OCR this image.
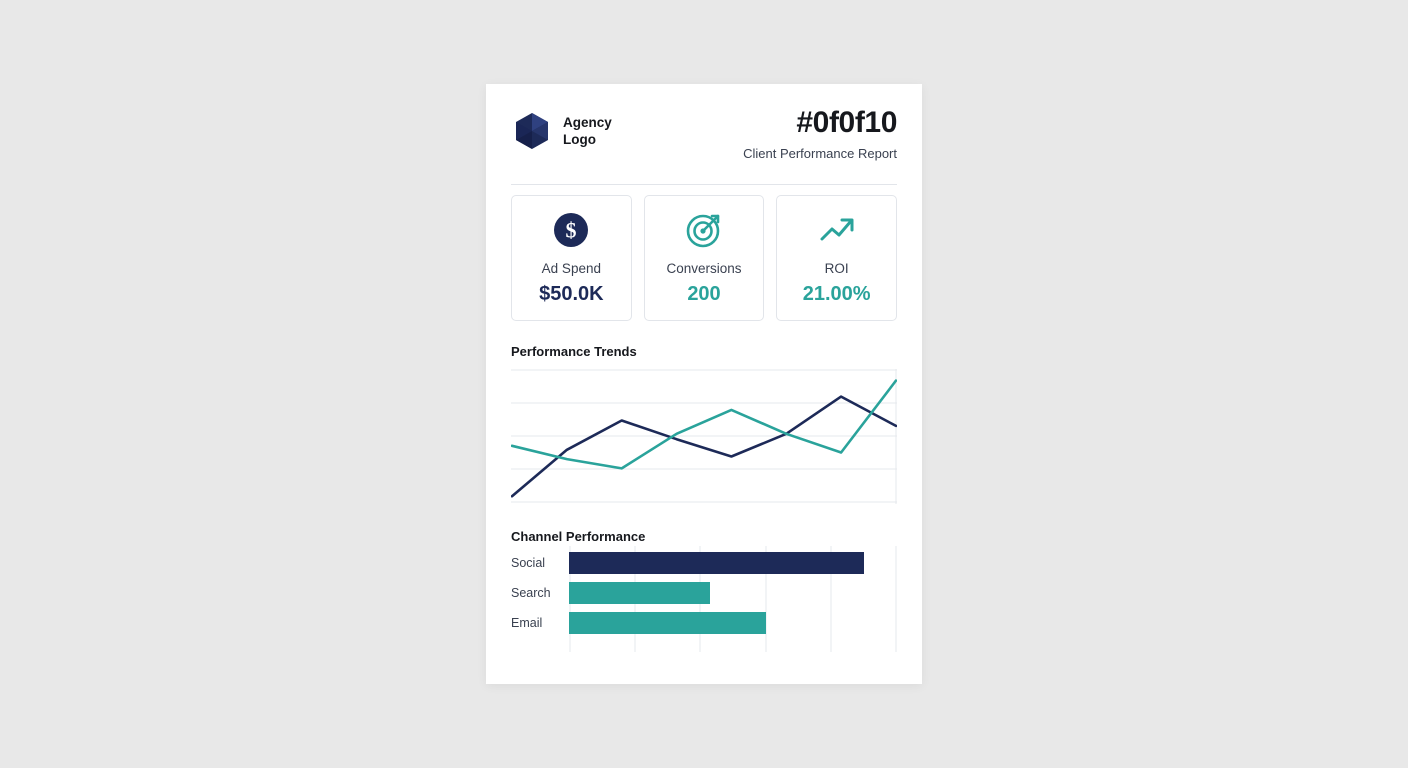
Agency Logo
#0f0f10
Client Performance Report
$
Ad Spend
$50.0K
Conversions
200
ROI
21.00%
Performance Trends
Channel Performance
Social
Search
Email
